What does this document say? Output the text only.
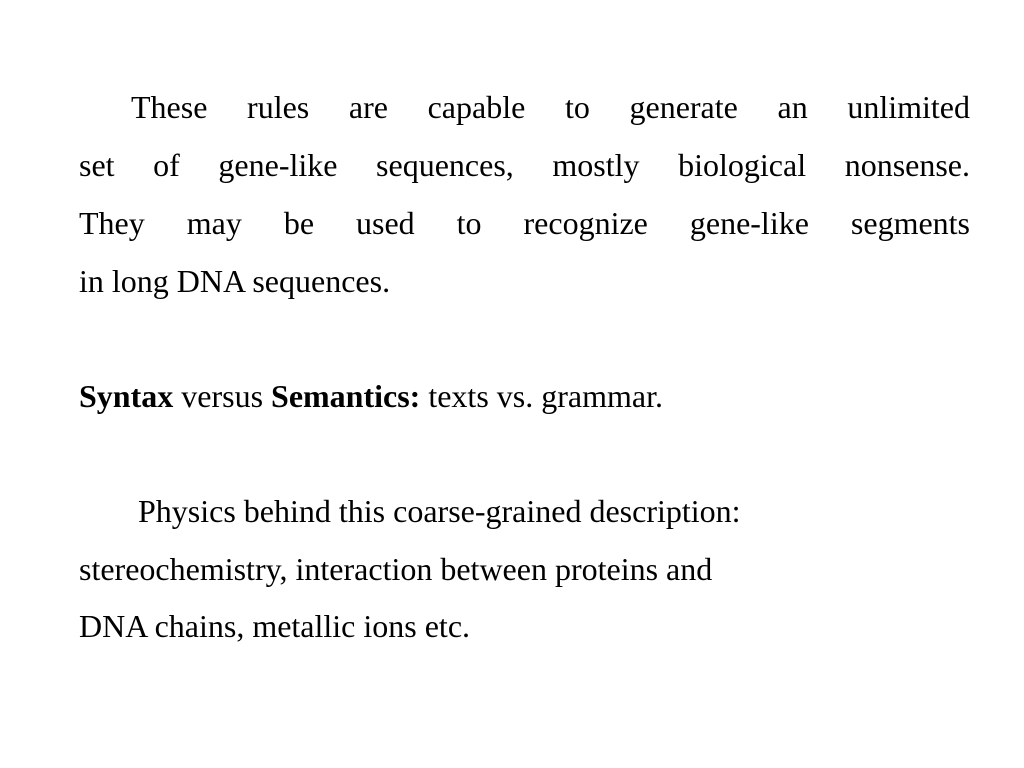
These rules are capable to generate an unlimited
set of gene-like sequences, mostly biological nonsense.
They may be used to recognize gene-like segments
in long DNA sequences.
Syntax versus Semantics: texts vs. grammar.
Physics behind this coarse-grained description:
stereochemistry, interaction between proteins and
DNA chains, metallic ions etc.
